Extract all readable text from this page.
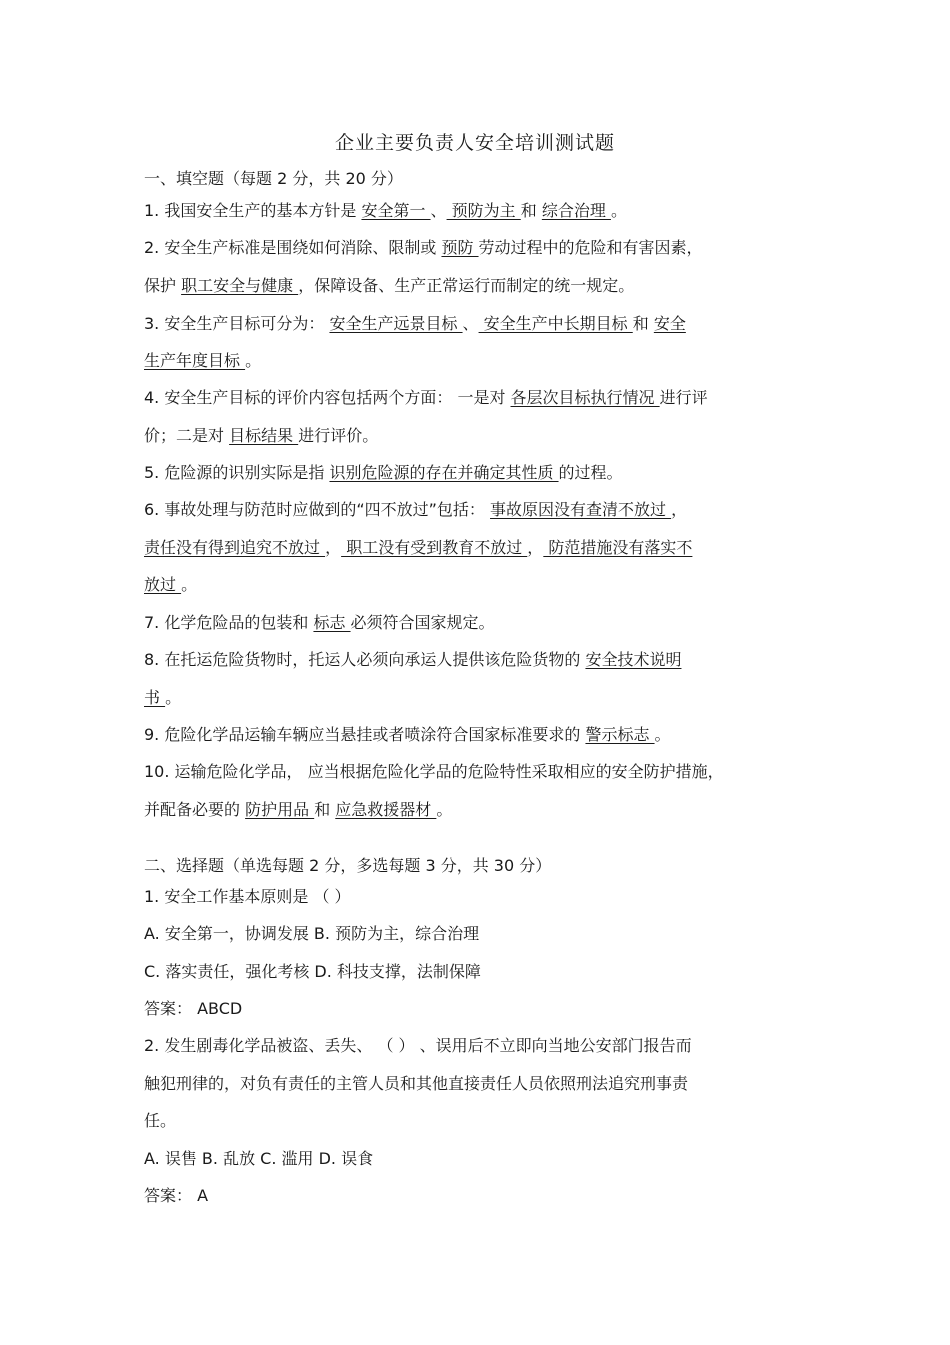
企业主要负责人安全培训测试题
一、填空题（每题 2 分，共 20 分）
1. 我国安全生产的基本方针是 安全第一 、 预防为主 和 综合治理 。
2. 安全生产标准是围绕如何消除、限制或 预防 劳动过程中的危险和有害因素，
保护 职工安全与健康 ，保障设备、生产正常运行而制定的统一规定。
3. 安全生产目标可分为： 安全生产远景目标 、 安全生产中长期目标 和 安全
生产年度目标 。
4. 安全生产目标的评价内容包括两个方面： 一是对 各层次目标执行情况 进行评
价；二是对 目标结果 进行评价。
5. 危险源的识别实际是指 识别危险源的存在并确定其性质 的过程。
6. 事故处理与防范时应做到的“四不放过”包括： 事故原因没有查清不放过 ，
责任没有得到追究不放过 ， 职工没有受到教育不放过 ， 防范措施没有落实不
放过 。
7. 化学危险品的包装和 标志 必须符合国家规定。
8. 在托运危险货物时，托运人必须向承运人提供该危险货物的 安全技术说明
书 。
9. 危险化学品运输车辆应当悬挂或者喷涂符合国家标准要求的 警示标志 。
10. 运输危险化学品， 应当根据危险化学品的危险特性采取相应的安全防护措施，
并配备必要的 防护用品 和 应急救援器材 。
二、选择题（单选每题 2 分，多选每题 3 分，共 30 分）
1. 安全工作基本原则是 （ ）
A. 安全第一，协调发展 B. 预防为主，综合治理
C. 落实责任，强化考核 D. 科技支撑，法制保障
答案： ABCD
2. 发生剧毒化学品被盗、丢失、 （ ） 、误用后不立即向当地公安部门报告而
触犯刑律的，对负有责任的主管人员和其他直接责任人员依照刑法追究刑事责
任。
A. 误售 B. 乱放 C. 滥用 D. 误食
答案： A
